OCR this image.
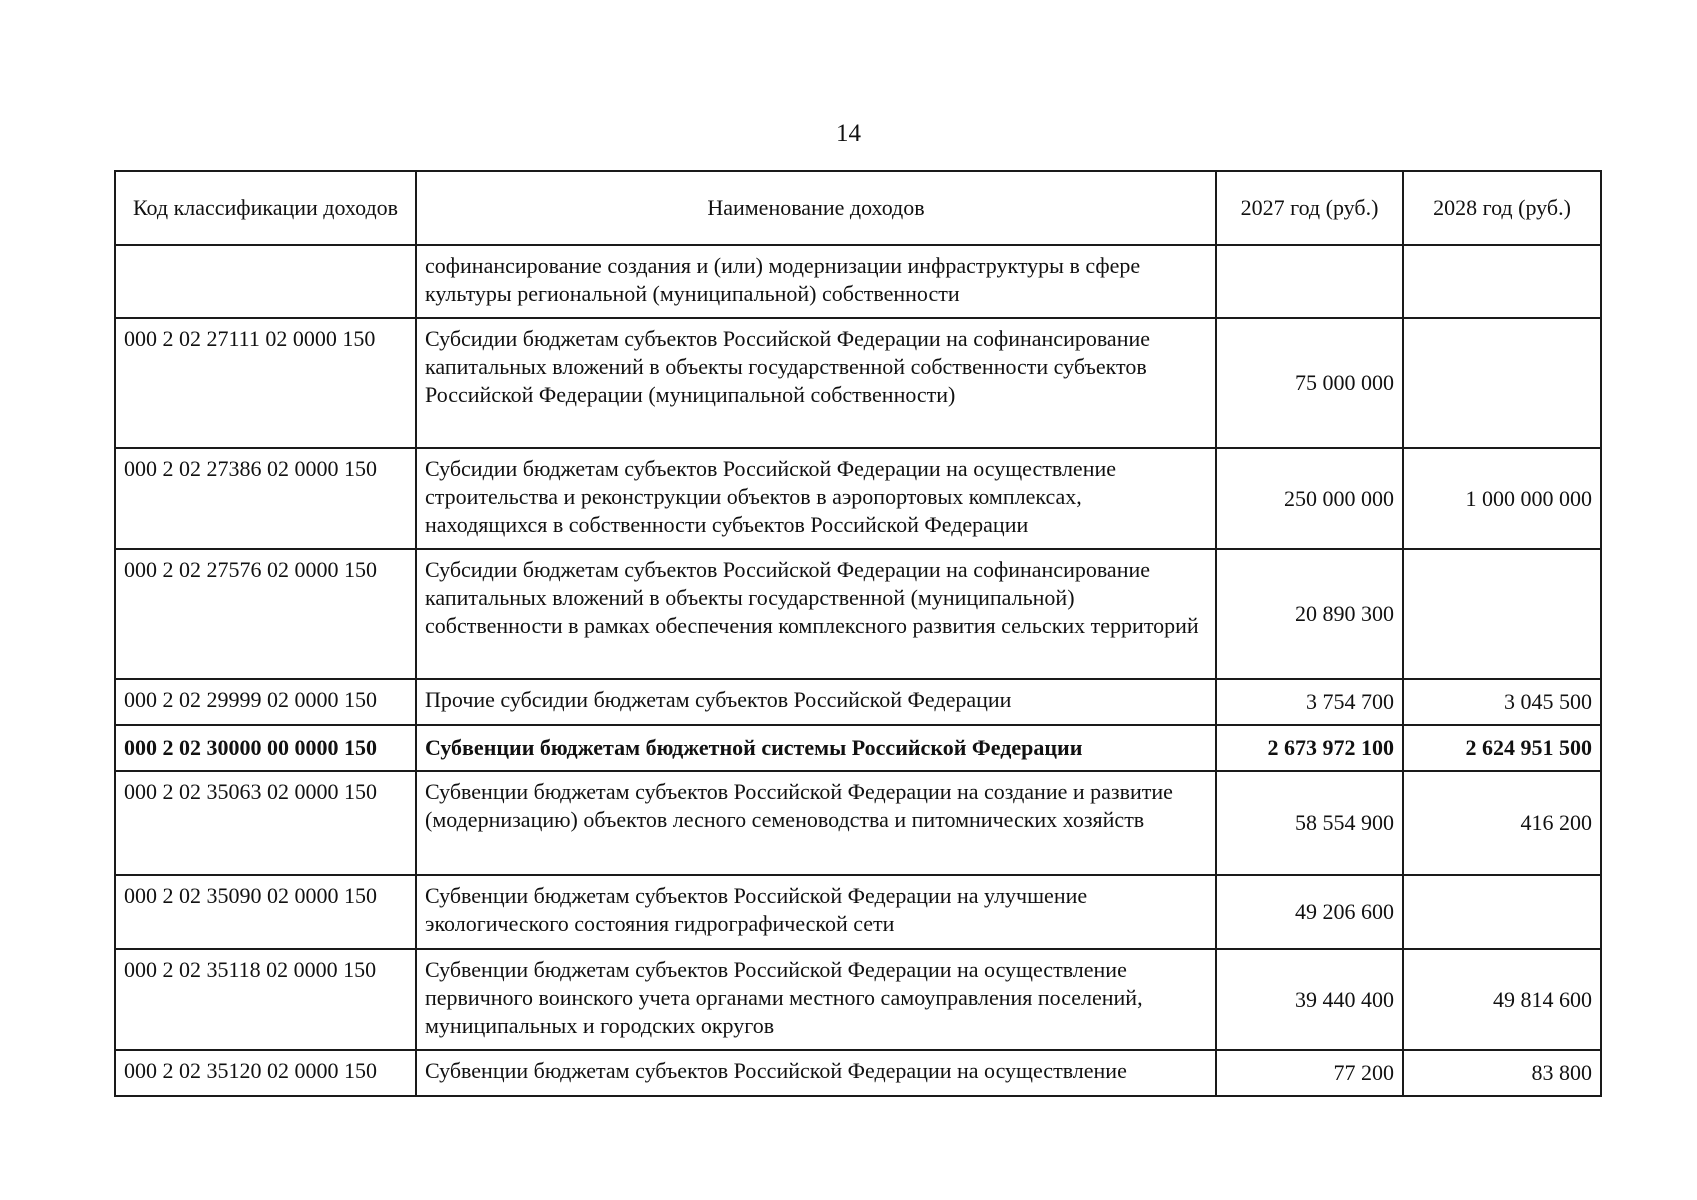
14
Код классификации доходов	Наименование доходов	2027 год (руб.)	2028 год (руб.)
	софинансирование создания и (или) модернизации инфраструктуры в сфере культуры региональной (муниципальной) собственности		
000 2 02 27111 02 0000 150	Субсидии бюджетам субъектов Российской Федерации на софинансирование капитальных вложений в объекты государственной собственности субъектов Российской Федерации (муниципальной собственности)	75 000 000	
000 2 02 27386 02 0000 150	Субсидии бюджетам субъектов Российской Федерации на осуществление строительства и реконструкции объектов в аэропортовых комплексах, находящихся в собственности субъектов Российской Федерации	250 000 000	1 000 000 000
000 2 02 27576 02 0000 150	Субсидии бюджетам субъектов Российской Федерации на софинансирование капитальных вложений в объекты государственной (муниципальной) собственности в рамках обеспечения комплексного развития сельских территорий	20 890 300	
000 2 02 29999 02 0000 150	Прочие субсидии бюджетам субъектов Российской Федерации	3 754 700	3 045 500
000 2 02 30000 00 0000 150	Субвенции бюджетам бюджетной системы Российской Федерации	2 673 972 100	2 624 951 500
000 2 02 35063 02 0000 150	Субвенции бюджетам субъектов Российской Федерации на создание и развитие (модернизацию) объектов лесного семеноводства и питомнических хозяйств	58 554 900	416 200
000 2 02 35090 02 0000 150	Субвенции бюджетам субъектов Российской Федерации на улучшение экологического состояния гидрографической сети	49 206 600	
000 2 02 35118 02 0000 150	Субвенции бюджетам субъектов Российской Федерации на осуществление первичного воинского учета органами местного самоуправления поселений, муниципальных и городских округов	39 440 400	49 814 600
000 2 02 35120 02 0000 150	Субвенции бюджетам субъектов Российской Федерации на осуществление	77 200	83 800
